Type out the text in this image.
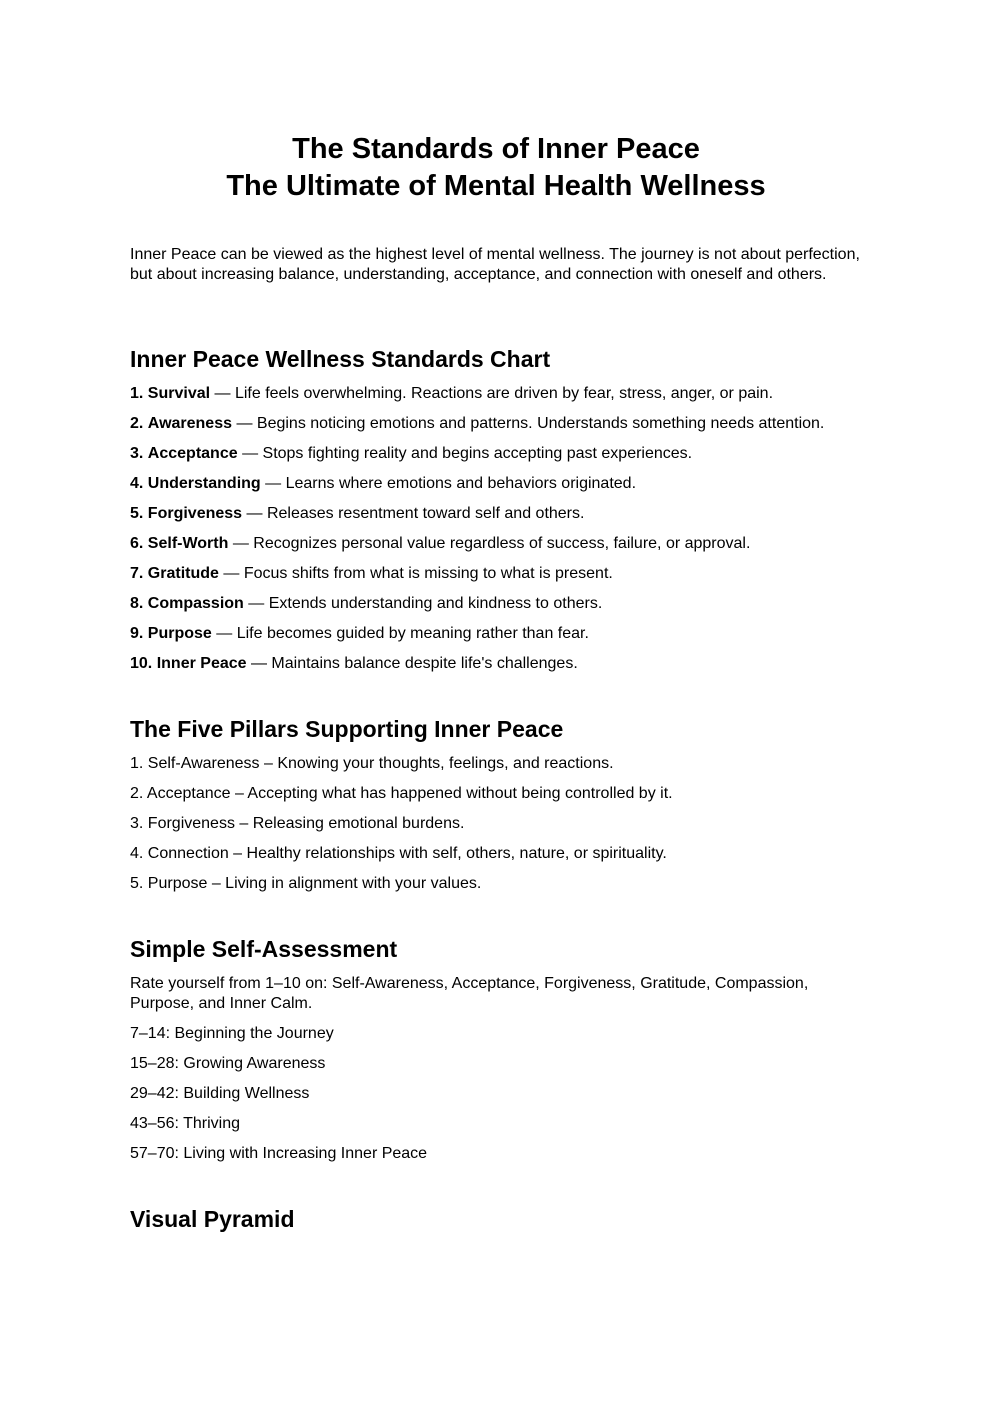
The Standards of Inner Peace

The Ultimate of Mental Health Wellness

Inner Peace can be viewed as the highest level of mental wellness. The journey is not about perfection, but about increasing balance, understanding, acceptance, and connection with oneself and others.

Inner Peace Wellness Standards Chart
1. Survival — Life feels overwhelming. Reactions are driven by fear, stress, anger, or pain.
2. Awareness — Begins noticing emotions and patterns. Understands something needs attention.
3. Acceptance — Stops fighting reality and begins accepting past experiences.
4. Understanding — Learns where emotions and behaviors originated.
5. Forgiveness — Releases resentment toward self and others.
6. Self-Worth — Recognizes personal value regardless of success, failure, or approval.
7. Gratitude — Focus shifts from what is missing to what is present.
8. Compassion — Extends understanding and kindness to others.
9. Purpose — Life becomes guided by meaning rather than fear.
10. Inner Peace — Maintains balance despite life's challenges.
The Five Pillars Supporting Inner Peace
1. Self-Awareness – Knowing your thoughts, feelings, and reactions.
2. Acceptance – Accepting what has happened without being controlled by it.
3. Forgiveness – Releasing emotional burdens.
4. Connection – Healthy relationships with self, others, nature, or spirituality.
5. Purpose – Living in alignment with your values.
Simple Self-Assessment

Rate yourself from 1–10 on: Self-Awareness, Acceptance, Forgiveness, Gratitude, Compassion, Purpose, and Inner Calm.

7–14: Beginning the Journey
15–28: Growing Awareness
29–42: Building Wellness
43–56: Thriving
57–70: Living with Increasing Inner Peace
Visual Pyramid
